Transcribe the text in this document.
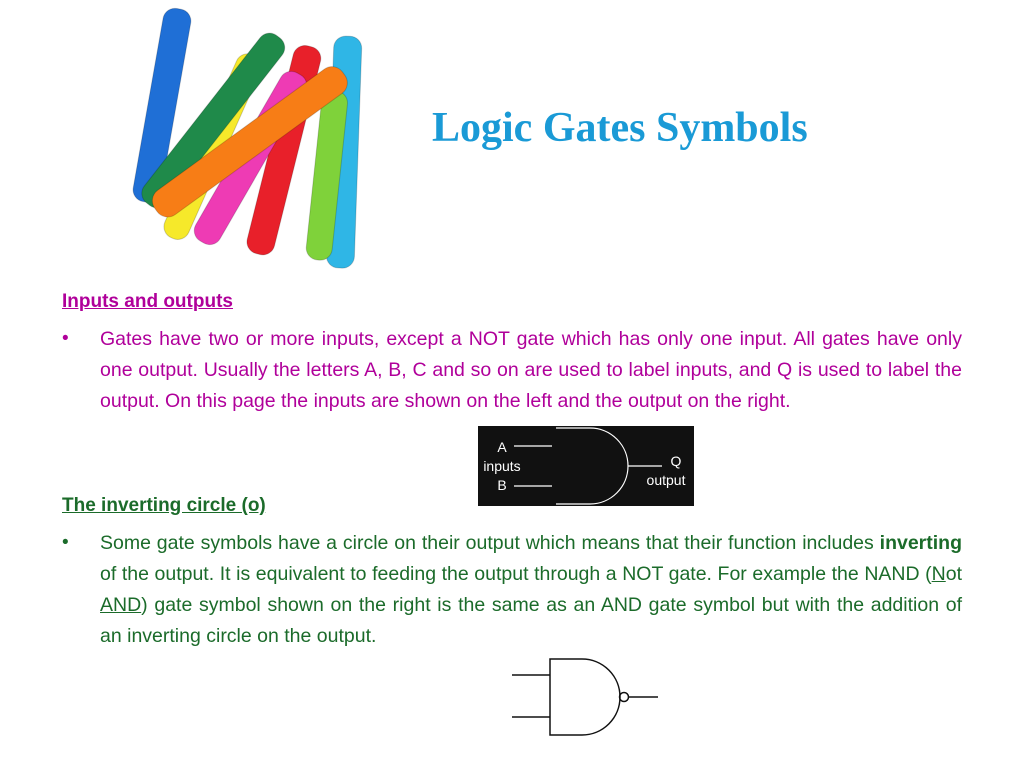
Logic Gates Symbols
Inputs and outputs
•	Gates have two or more inputs, except a NOT gate which has only one input. All gates have only one output. Usually the letters A, B, C and so on are used to label inputs, and Q is used to label the output. On this page the inputs are shown on the left and the output on the right.

A
inputs
B
Q
output
The inverting circle (o)
•	Some gate symbols have a circle on their output which means that their function includes inverting of the output. It is equivalent to feeding the output through a NOT gate. For example the NAND (Not AND) gate symbol shown on the right is the same as an AND gate symbol but with the addition of an inverting circle on the output.
